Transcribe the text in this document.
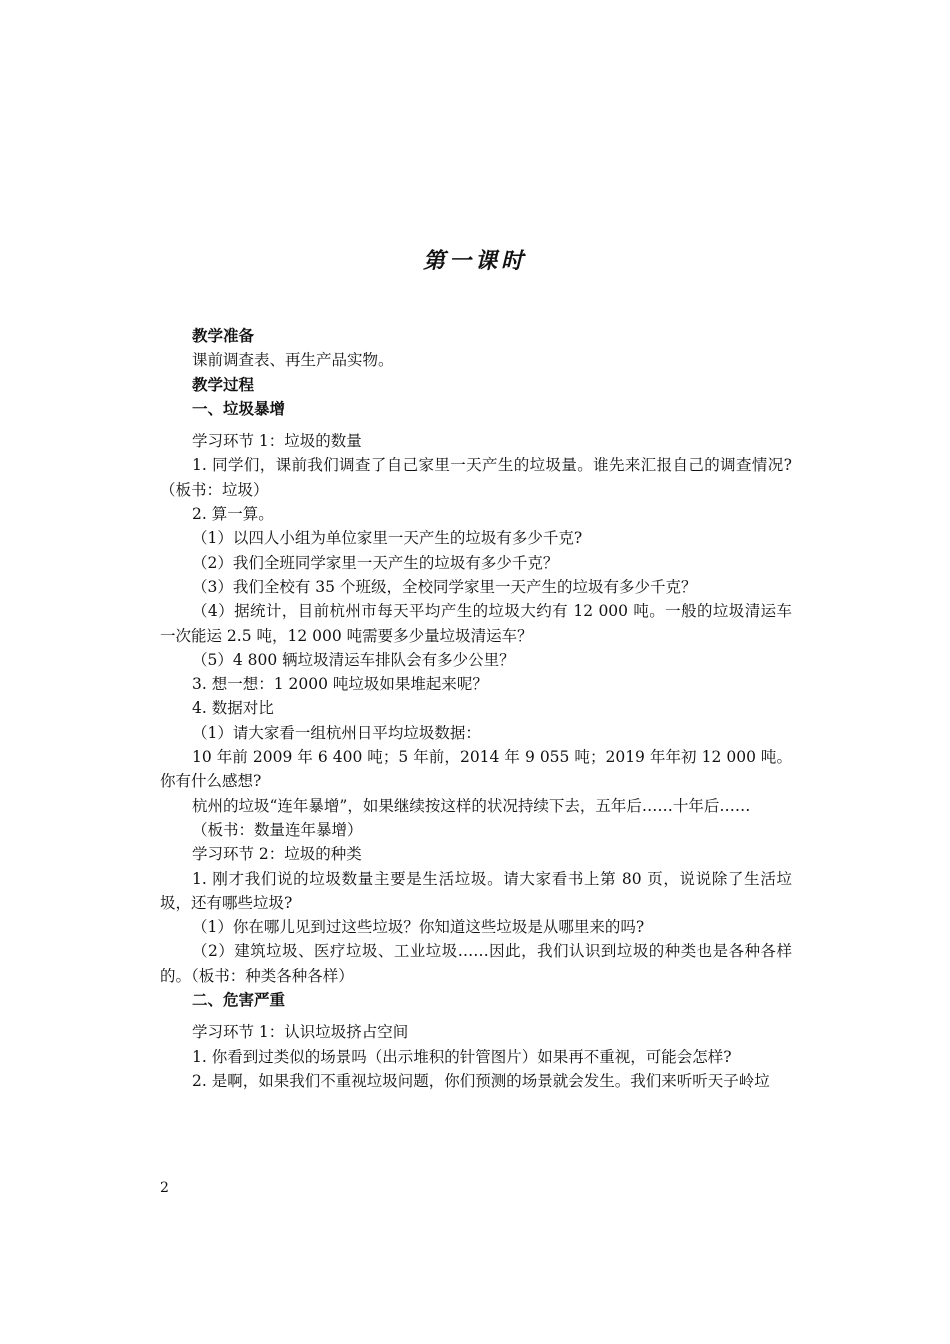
第一课时
教学准备
课前调查表、再生产品实物。
教学过程
一、垃圾暴增
学习环节 1：垃圾的数量
1. 同学们，课前我们调查了自己家里一天产生的垃圾量。谁先来汇报自己的调查情况?（板书：垃圾）
2. 算一算。
（1）以四人小组为单位家里一天产生的垃圾有多少千克?
（2）我们全班同学家里一天产生的垃圾有多少千克？
（3）我们全校有 35 个班级，全校同学家里一天产生的垃圾有多少千克？
（4）据统计，目前杭州市每天平均产生的垃圾大约有 12 000 吨。一般的垃圾清运车一次能运 2.5 吨，12 000 吨需要多少量垃圾清运车？
（5）4 800 辆垃圾清运车排队会有多少公里？
3. 想一想：1 2000 吨垃圾如果堆起来呢？
4. 数据对比
（1）请大家看一组杭州日平均垃圾数据：
10 年前 2009 年 6 400 吨；5 年前，2014 年 9 055 吨；2019 年年初 12 000 吨。你有什么感想?
杭州的垃圾“连年暴增”，如果继续按这样的状况持续下去，五年后……十年后……
（板书：数量连年暴增）
学习环节 2：垃圾的种类
1. 刚才我们说的垃圾数量主要是生活垃圾。请大家看书上第 80 页，说说除了生活垃圾，还有哪些垃圾?
（1）你在哪儿见到过这些垃圾？你知道这些垃圾是从哪里来的吗?
（2）建筑垃圾、医疗垃圾、工业垃圾……因此，我们认识到垃圾的种类也是各种各样的。（板书：种类各种各样）
二、危害严重
学习环节 1：认识垃圾挤占空间
1. 你看到过类似的场景吗（出示堆积的针管图片）如果再不重视，可能会怎样?
2. 是啊，如果我们不重视垃圾问题，你们预测的场景就会发生。我们来听听天子岭垃
2
